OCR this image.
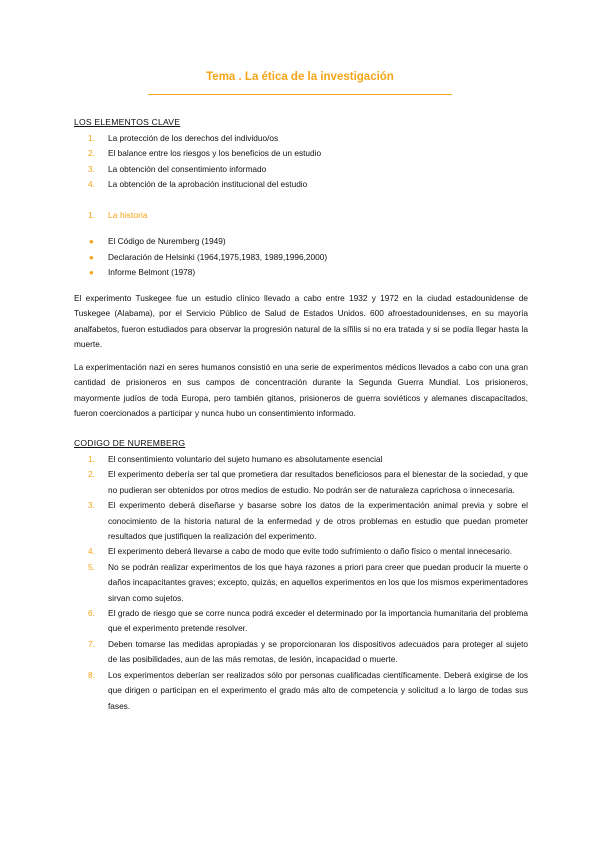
Tema . La ética de la investigación
LOS ELEMENTOS CLAVE
1. La protección de los derechos del individuo/os
2. El balance entre los riesgos y los beneficios de un estudio
3. La obtención del consentimiento informado
4. La obtención de la aprobación institucional del estudio
1. La historia
● El Código de Nuremberg (1949)
● Declaración de Helsinki (1964,1975,1983, 1989,1996,2000)
● Informe Belmont (1978)

El experimento Tuskegee fue un estudio clínico llevado a cabo entre 1932 y 1972 en la ciudad estadounidense de Tuskegee (Alabama), por el Servicio Público de Salud de Estados Unidos. 600 afroestadounidenses, en su mayoría analfabetos, fueron estudiados para observar la progresión natural de la sífilis si no era tratada y si se podía llegar hasta la muerte.

La experimentación nazi en seres humanos consistió en una serie de experimentos médicos llevados a cabo con una gran cantidad de prisioneros en sus campos de concentración durante la Segunda Guerra Mundial. Los prisioneros, mayormente judíos de toda Europa, pero también gitanos, prisioneros de guerra soviéticos y alemanes discapacitados, fueron coercionados a participar y nunca hubo un consentimiento informado.

CODIGO DE NUREMBERG
1. El consentimiento voluntario del sujeto humano es absolutamente esencial
2. El experimento debería ser tal que prometiera dar resultados beneficiosos para el bienestar de la sociedad, y que no pudieran ser obtenidos por otros medios de estudio. No podrán ser de naturaleza caprichosa o innecesaria.
3. El experimento deberá diseñarse y basarse sobre los datos de la experimentación animal previa y sobre el conocimiento de la historia natural de la enfermedad y de otros problemas en estudio que puedan prometer resultados que justifiquen la realización del experimento.
4. El experimento deberá llevarse a cabo de modo que evite todo sufrimiento o daño físico o mental innecesario.
5. No se podrán realizar experimentos de los que haya razones a priori para creer que puedan producir la muerte o daños incapacitantes graves; excepto, quizás, en aquellos experimentos en los que los mismos experimentadores sirvan como sujetos.
6. El grado de riesgo que se corre nunca podrá exceder el determinado por la importancia humanitaria del problema que el experimento pretende resolver.
7. Deben tomarse las medidas apropiadas y se proporcionaran los dispositivos adecuados para proteger al sujeto de las posibilidades, aun de las más remotas, de lesión, incapacidad o muerte.
8. Los experimentos deberían ser realizados sólo por personas cualificadas científicamente. Deberá exigirse de los que dirigen o participan en el experimento el grado más alto de competencia y solicitud a lo largo de todas sus fases.
